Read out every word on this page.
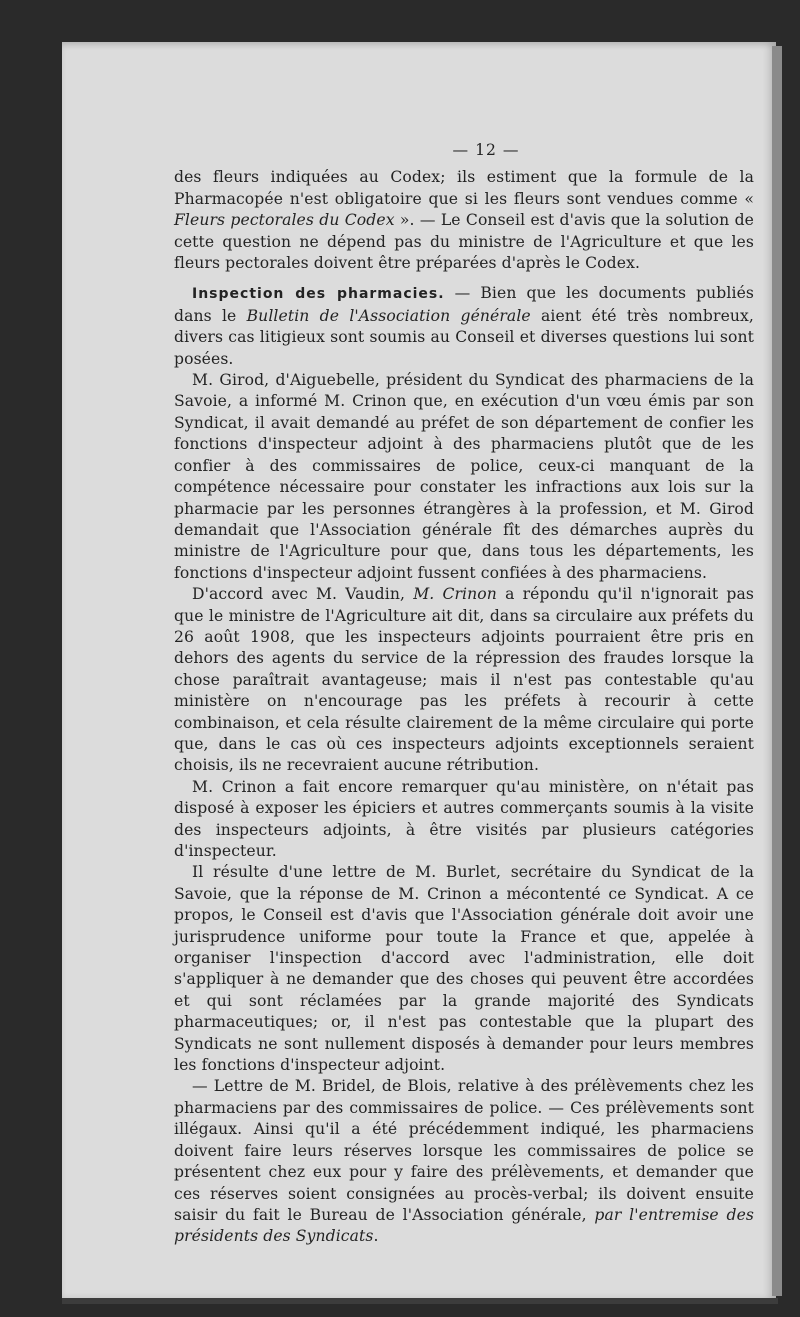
— 12 —

des fleurs indiquées au Codex; ils estiment que la formule de la Pharmacopée n'est obligatoire que si les fleurs sont vendues comme « Fleurs pectorales du Codex ». — Le Conseil est d'avis que la solution de cette question ne dépend pas du ministre de l'Agriculture et que les fleurs pectorales doivent être préparées d'après le Codex.

Inspection des pharmacies. — Bien que les documents publiés dans le Bulletin de l'Association générale aient été très nombreux, divers cas litigieux sont soumis au Conseil et diverses questions lui sont posées.

M. Girod, d'Aiguebelle, président du Syndicat des pharmaciens de la Savoie, a informé M. Crinon que, en exécution d'un vœu émis par son Syndicat, il avait demandé au préfet de son département de confier les fonctions d'inspecteur adjoint à des pharmaciens plutôt que de les confier à des commissaires de police, ceux-ci manquant de la compétence nécessaire pour constater les infractions aux lois sur la pharmacie par les personnes étrangères à la profession, et M. Girod demandait que l'Association générale fît des démarches auprès du ministre de l'Agriculture pour que, dans tous les départements, les fonctions d'inspecteur adjoint fussent confiées à des pharmaciens.

D'accord avec M. Vaudin, M. Crinon a répondu qu'il n'ignorait pas que le ministre de l'Agriculture ait dit, dans sa circulaire aux préfets du 26 août 1908, que les inspecteurs adjoints pourraient être pris en dehors des agents du service de la répression des fraudes lorsque la chose paraîtrait avantageuse; mais il n'est pas contestable qu'au ministère on n'encourage pas les préfets à recourir à cette combinaison, et cela résulte clairement de la même circulaire qui porte que, dans le cas où ces inspecteurs adjoints exceptionnels seraient choisis, ils ne recevraient aucune rétribution.

M. Crinon a fait encore remarquer qu'au ministère, on n'était pas disposé à exposer les épiciers et autres commerçants soumis à la visite des inspecteurs adjoints, à être visités par plusieurs catégories d'inspecteur.

Il résulte d'une lettre de M. Burlet, secrétaire du Syndicat de la Savoie, que la réponse de M. Crinon a mécontenté ce Syndicat. A ce propos, le Conseil est d'avis que l'Association générale doit avoir une jurisprudence uniforme pour toute la France et que, appelée à organiser l'inspection d'accord avec l'administration, elle doit s'appliquer à ne demander que des choses qui peuvent être accordées et qui sont réclamées par la grande majorité des Syndicats pharmaceutiques; or, il n'est pas contestable que la plupart des Syndicats ne sont nullement disposés à demander pour leurs membres les fonctions d'inspecteur adjoint.

— Lettre de M. Bridel, de Blois, relative à des prélèvements chez les pharmaciens par des commissaires de police. — Ces prélèvements sont illégaux. Ainsi qu'il a été précédemment indiqué, les pharmaciens doivent faire leurs réserves lorsque les commissaires de police se présentent chez eux pour y faire des prélèvements, et demander que ces réserves soient consignées au procès-verbal; ils doivent ensuite saisir du fait le Bureau de l'Association générale, par l'entremise des présidents des Syndicats.
